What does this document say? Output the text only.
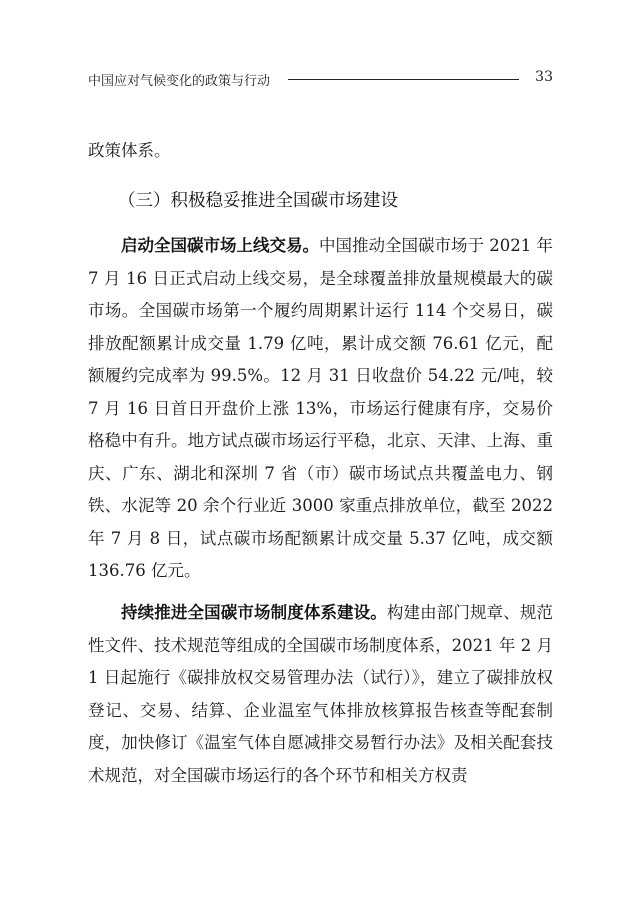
中国应对气候变化的政策与行动	33

政策体系。

（三）积极稳妥推进全国碳市场建设

启动全国碳市场上线交易。中国推动全国碳市场于 2021 年 7 月 16 日正式启动上线交易，是全球覆盖排放量规模最大的碳市场。全国碳市场第一个履约周期累计运行 114 个交易日，碳排放配额累计成交量 1.79 亿吨，累计成交额 76.61 亿元，配额履约完成率为 99.5%。12 月 31 日收盘价 54.22 元/吨，较 7 月 16 日首日开盘价上涨 13%，市场运行健康有序，交易价格稳中有升。地方试点碳市场运行平稳，北京、天津、上海、重庆、广东、湖北和深圳 7 省（市）碳市场试点共覆盖电力、钢铁、水泥等 20 余个行业近 3000 家重点排放单位，截至 2022 年 7 月 8 日，试点碳市场配额累计成交量 5.37 亿吨，成交额 136.76 亿元。

持续推进全国碳市场制度体系建设。构建由部门规章、规范性文件、技术规范等组成的全国碳市场制度体系，2021 年 2 月 1 日起施行《碳排放权交易管理办法（试行）》，建立了碳排放权登记、交易、结算、企业温室气体排放核算报告核查等配套制度，加快修订《温室气体自愿减排交易暂行办法》及相关配套技术规范，对全国碳市场运行的各个环节和相关方权责
